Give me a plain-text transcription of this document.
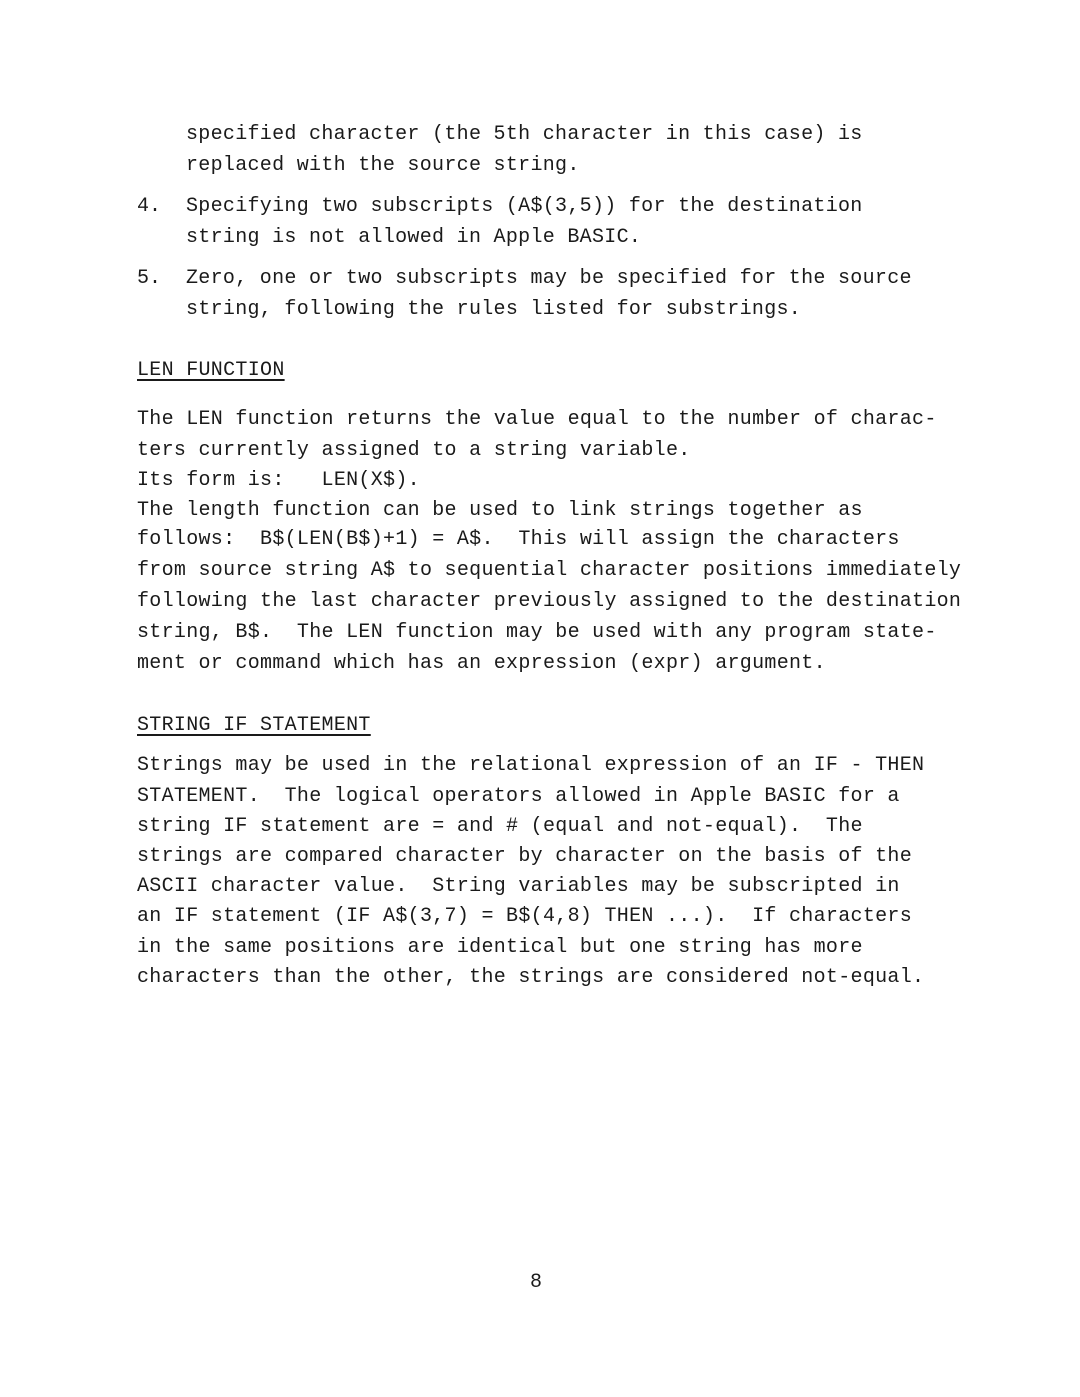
specified character (the 5th character in this case) is
replaced with the source string.
4. Specifying two subscripts (A$(3,5)) for the destination
string is not allowed in Apple BASIC.
5. Zero, one or two subscripts may be specified for the source
string, following the rules listed for substrings.
LEN FUNCTION
The LEN function returns the value equal to the number of charac-
ters currently assigned to a string variable.
Its form is:   LEN(X$).
The length function can be used to link strings together as
follows:  B$(LEN(B$)+1) = A$.  This will assign the characters
from source string A$ to sequential character positions immediately
following the last character previously assigned to the destination
string, B$.  The LEN function may be used with any program state-
ment or command which has an expression (expr) argument.
STRING IF STATEMENT
Strings may be used in the relational expression of an IF - THEN
STATEMENT.  The logical operators allowed in Apple BASIC for a
string IF statement are = and # (equal and not-equal).  The
strings are compared character by character on the basis of the
ASCII character value.  String variables may be subscripted in
an IF statement (IF A$(3,7) = B$(4,8) THEN ...).  If characters
in the same positions are identical but one string has more
characters than the other, the strings are considered not-equal.
8
